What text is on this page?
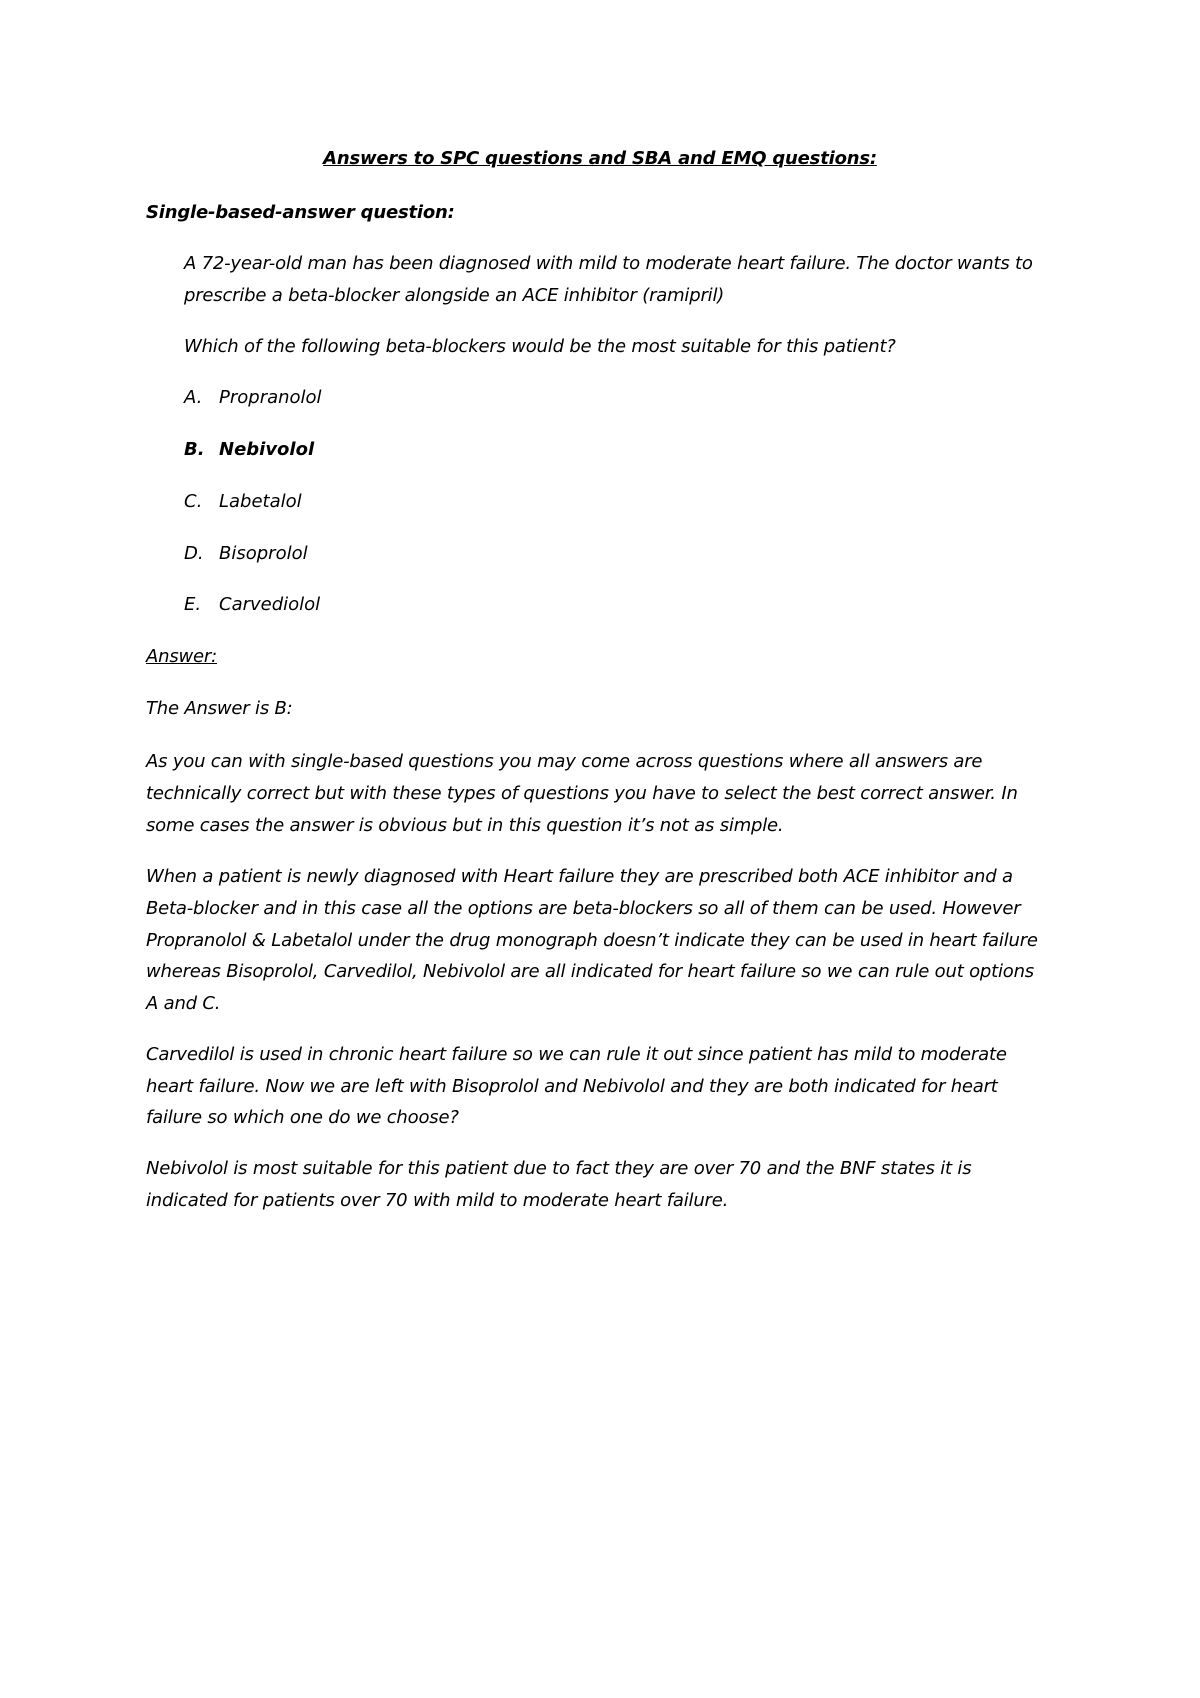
Answers to SPC questions and SBA and EMQ questions:
Single-based-answer question:
A 72-year-old man has been diagnosed with mild to moderate heart failure. The doctor wants to
prescribe a beta-blocker alongside an ACE inhibitor (ramipril)
Which of the following beta-blockers would be the most suitable for this patient?
A. Propranolol
B. Nebivolol
C. Labetalol
D. Bisoprolol
E. Carvediolol
Answer:
The Answer is B:
As you can with single-based questions you may come across questions where all answers are
technically correct but with these types of questions you have to select the best correct answer. In
some cases the answer is obvious but in this question it’s not as simple.
When a patient is newly diagnosed with Heart failure they are prescribed both ACE inhibitor and a
Beta-blocker and in this case all the options are beta-blockers so all of them can be used. However
Propranolol & Labetalol under the drug monograph doesn’t indicate they can be used in heart failure
whereas Bisoprolol, Carvedilol, Nebivolol are all indicated for heart failure so we can rule out options
A and C.
Carvedilol is used in chronic heart failure so we can rule it out since patient has mild to moderate
heart failure. Now we are left with Bisoprolol and Nebivolol and they are both indicated for heart
failure so which one do we choose?
Nebivolol is most suitable for this patient due to fact they are over 70 and the BNF states it is
indicated for patients over 70 with mild to moderate heart failure.
